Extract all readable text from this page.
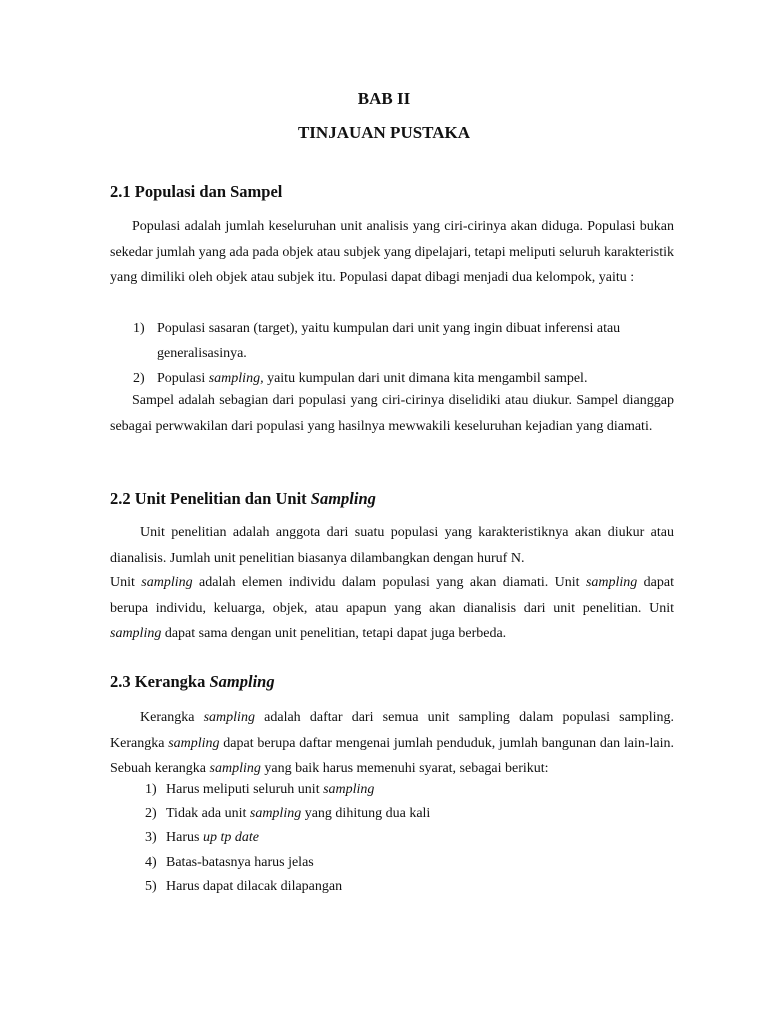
BAB II
TINJAUAN PUSTAKA
2.1 Populasi dan Sampel

Populasi adalah jumlah keseluruhan unit analisis yang ciri-cirinya akan diduga. Populasi bukan sekedar jumlah yang ada pada objek atau subjek yang dipelajari, tetapi meliputi seluruh karakteristik yang dimiliki oleh objek atau subjek itu. Populasi dapat dibagi menjadi dua kelompok, yaitu :

1) Populasi sasaran (target), yaitu kumpulan dari unit yang ingin dibuat inferensi atau
generalisasinya.
2) Populasi sampling, yaitu kumpulan dari unit dimana kita mengambil sampel.

Sampel adalah sebagian dari populasi yang ciri-cirinya diselidiki atau diukur. Sampel dianggap sebagai perwwakilan dari populasi yang hasilnya mewwakili keseluruhan kejadian yang diamati.

2.2 Unit Penelitian dan Unit Sampling

Unit penelitian adalah anggota dari suatu populasi yang karakteristiknya akan diukur atau dianalisis. Jumlah unit penelitian biasanya dilambangkan dengan huruf N.

Unit sampling adalah elemen individu dalam populasi yang akan diamati. Unit sampling dapat berupa individu, keluarga, objek, atau apapun yang akan dianalisis dari unit penelitian. Unit sampling dapat sama dengan unit penelitian, tetapi dapat juga berbeda.

2.3 Kerangka Sampling

Kerangka sampling adalah daftar dari semua unit sampling dalam populasi sampling. Kerangka sampling dapat berupa daftar mengenai jumlah penduduk, jumlah bangunan dan lain-lain. Sebuah kerangka sampling yang baik harus memenuhi syarat, sebagai berikut:

1) Harus meliputi seluruh unit sampling
2) Tidak ada unit sampling yang dihitung dua kali
3) Harus up tp date
4) Batas-batasnya harus jelas
5) Harus dapat dilacak dilapangan
